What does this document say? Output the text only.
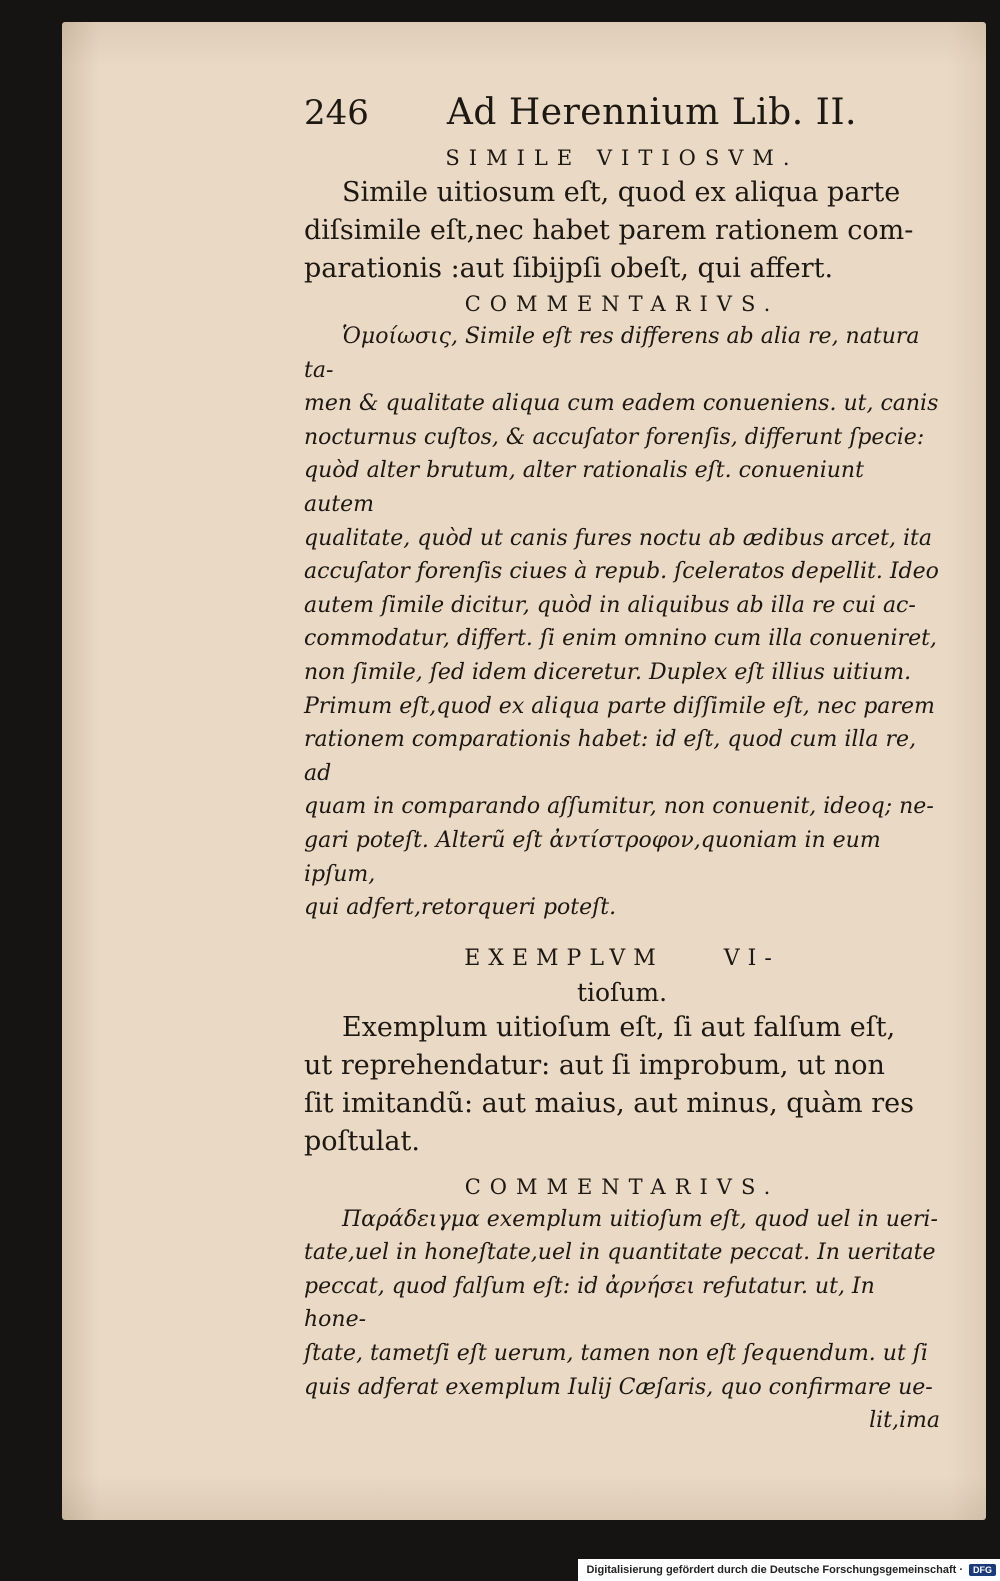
246 Ad Herennium Lib. II.
SIMILE VITIOSVM.

Simile uitiosum eſt, quod ex aliqua parte

diſsimile eſt,nec habet parem rationem com-

parationis :aut ſibijpſi obeſt, qui affert.

COMMENTARIVS.

Ὁμοίωσις, Simile eſt res differens ab alia re, natura ta-

men & qualitate aliqua cum eadem conueniens. ut, canis

nocturnus cuſtos, & accuſator forenſis, differunt ſpecie:

quòd alter brutum, alter rationalis eſt. conueniunt autem

qualitate, quòd ut canis fures noctu ab ædibus arcet, ita

accuſator forenſis ciues à repub. ſceleratos depellit. Ideo

autem ſimile dicitur, quòd in aliquibus ab illa re cui ac-

commodatur, differt. ſi enim omnino cum illa conueniret,

non ſimile, ſed idem diceretur. Duplex eſt illius uitium.

Primum eſt,quod ex aliqua parte diſſimile eſt, nec parem

rationem comparationis habet: id eſt, quod cum illa re, ad

quam in comparando aſſumitur, non conuenit, ideoq; ne-

gari poteſt. Alterũ eſt ἀντίστροφον,quoniam in eum ipſum,

qui adfert,retorqueri poteſt.

EXEMPLVM	VI-
tioſum.

Exemplum uitioſum eſt, ſi aut falſum eſt,

ut reprehendatur: aut ſi improbum, ut non

ſit imitandũ: aut maius, aut minus, quàm res

poſtulat.

COMMENTARIVS.

Παράδειγμα exemplum uitioſum eſt, quod uel in ueri-

tate,uel in honeſtate,uel in quantitate peccat. In ueritate

peccat, quod falſum eſt: id ἀρνήσει refutatur. ut, In hone-

ſtate, tametſi eſt uerum, tamen non eſt ſequendum. ut ſi

quis adferat exemplum Iulij Cæſaris, quo confirmare ue-

lit,ima
Digitalisierung gefördert durch die Deutsche Forschungsgemeinschaft ·	DFG
